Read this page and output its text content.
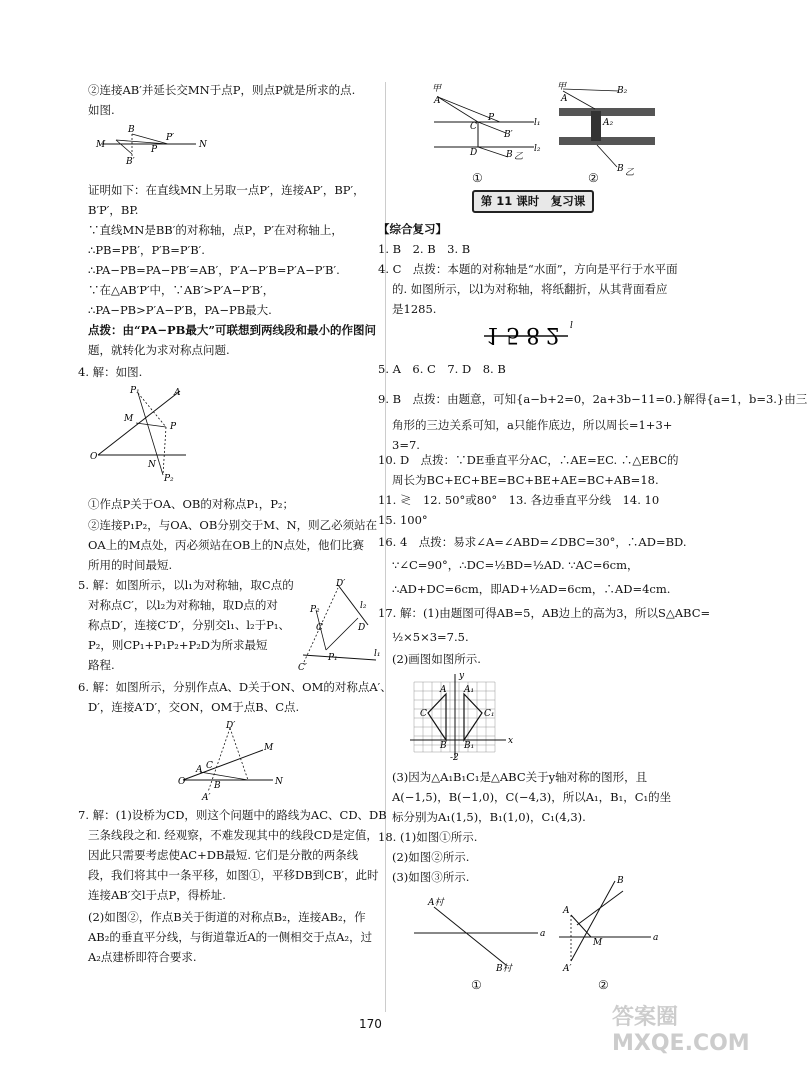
②连接AB′并延长交MN于点P，则点P就是所求的点.
如图.
M	N
B
B′
P′
P
证明如下：在直线MN上另取一点P′，连接AP′，BP′，
B′P′，BP.
∵直线MN是BB′的对称轴，点P，P′在对称轴上，
∴PB=PB′，P′B=P′B′.
∴PA−PB=PA−PB′=AB′，P′A−P′B=P′A−P′B′.
∵在△AB′P′中，∵AB′>P′A−P′B′，
∴PA−PB>P′A−P′B，PA−PB最大.
点拨：由“PA−PB最大”可联想到两线段和最小的作图问
题，就转化为求对称点问题.
4. 解：如图.
O
A
P₁
P
M
N
P₂
①作点P关于OA、OB的对称点P₁，P₂；
②连接P₁P₂，与OA、OB分别交于M、N，则乙必须站在
OA上的M点处，丙必须站在OB上的N点处，他们比赛
所用的时间最短.
5. 解：如图所示，以l₁为对称轴，取C点的
对称点C′，以l₂为对称轴，取D点的对
称点D′，连接C′D′，分别交l₁、l₂于P₁、
P₂，则CP₁+P₁P₂+P₂D为所求最短
路程.
D′
l₂
P₂
D
C
P₁
C′
l₁
6. 解：如图所示，分别作点A、D关于ON、OM的对称点A′、
D′，连接A′D′，交ON，OM于点B、C点.
D′
M
O	N
A C
B
A′
7. 解：(1)设桥为CD，则这个问题中的路线为AC、CD、DB
三条线段之和. 经观察，不难发现其中的线段CD是定值，
因此只需要考虑使AC+DB最短. 它们是分散的两条线
段，我们将其中一条平移，如图①，平移DB到CB′，此时
连接AB′交l于点P，得桥址.
(2)如图②，作点B关于街道的对称点B₂，连接AB₂，作
AB₂的垂直平分线，与街道靠近A的一侧相交于点A₂，过
A₂点建桥即符合要求.
甲
A
C
P
B′
D	B 乙
l₁
l₂
甲
A
B₂
A₂
B 乙
①	②
第 11 课时　复习课
【综合复习】
1. B　2. B　3. B
4. C　点拨：本题的对称轴是“水面”，方向是平行于水平面
的. 如图所示，以l为对称轴，将纸翻折，从其背面看应
是1285.
1582 l
5. A　6. C　7. D　8. B
9. B　点拨：由题意，可知{a−b+2=0，2a+3b−11=0.}解得{a=1，b=3.}由三
角形的三边关系可知，a只能作底边，所以周长=1+3+
3=7.
10. D　点拨：∵DE垂直平分AC，∴AE=EC. ∴△EBC的
周长为BC+EC+BE=BC+BE+AE=BC+AB=18.
11. ≷　12. 50°或80°　13. 各边垂直平分线　14. 10
15. 100°
16. 4　点拨：易求∠A=∠ABD=∠DBC=30°，∴AD=BD.
∵∠C=90°，∴DC=½BD=½AD. ∵AC=6cm，
∴AD+DC=6cm，即AD+½AD=6cm，∴AD=4cm.
17. 解：(1)由题图可得AB=5，AB边上的高为3，所以S△ABC=
½×5×3=7.5.
(2)画图如图所示.
y
x
A A₁
C	C₁
B B₁
-2
(3)因为△A₁B₁C₁是△ABC关于y轴对称的图形，且
A(−1,5)，B(−1,0)，C(−4,3)，所以A₁，B₁，C₁的坐
标分别为A₁(1,5)，B₁(1,0)，C₁(4,3).
18. (1)如图①所示.
(2)如图②所示.
(3)如图③所示.
A村
B村
a
B
A
M
A′
a
①	②
170	答案圈 MXQE.COM
